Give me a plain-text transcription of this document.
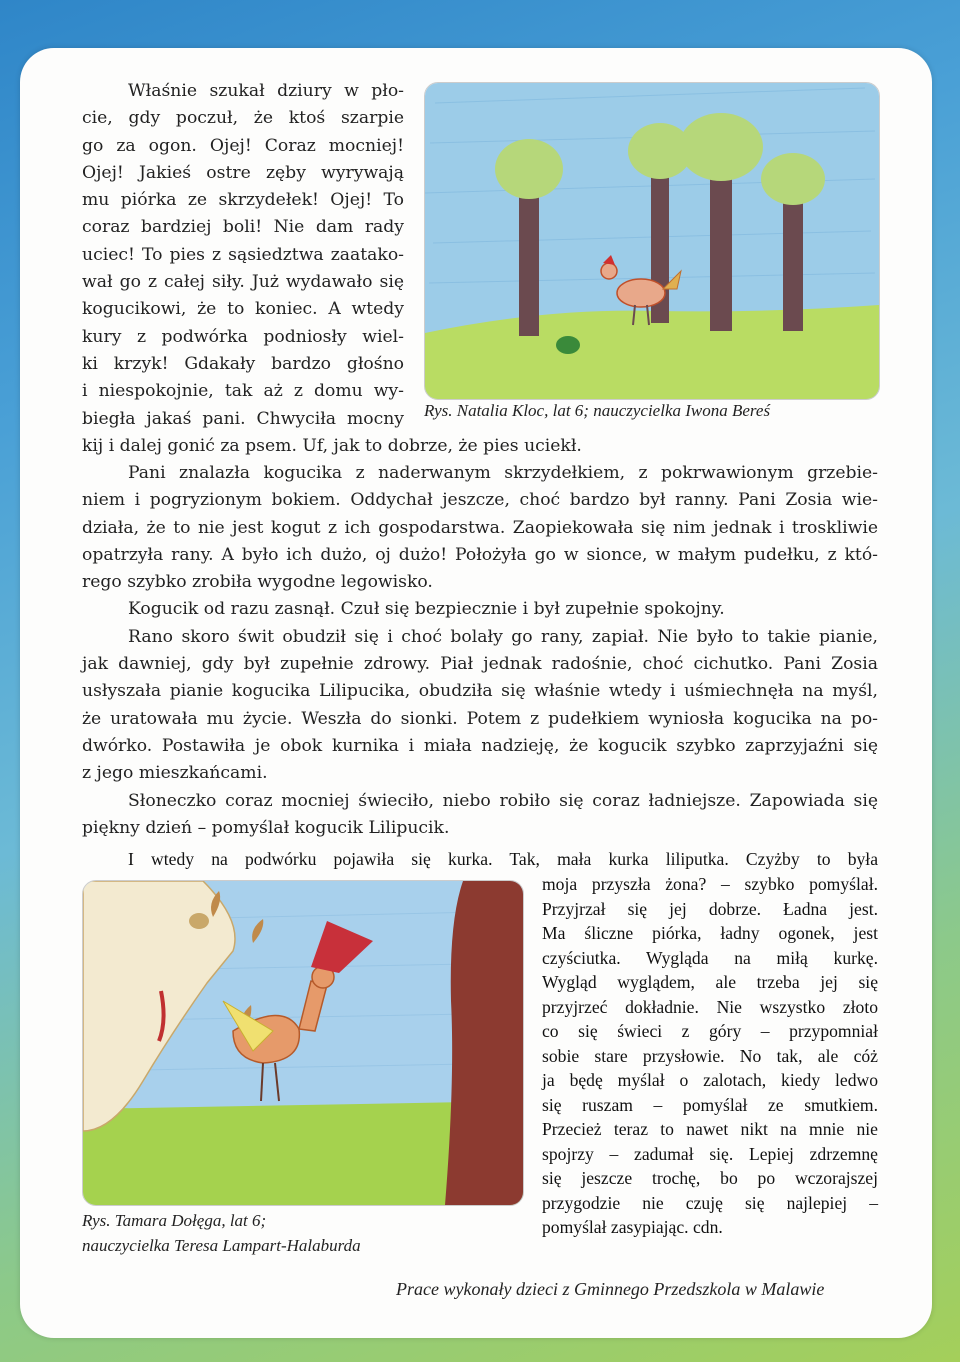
Rys. Natalia Kloc, lat 6; nauczycielka Iwona Bereś
Właśnie szukał dziury w pło-
cie, gdy poczuł, że ktoś szarpie
go za ogon. Ojej! Coraz mocniej!
Ojej! Jakieś ostre zęby wyrywają
mu piórka ze skrzydełek! Ojej! To
coraz bardziej boli! Nie dam rady
uciec! To pies z sąsiedztwa zaatako-
wał go z całej siły. Już wydawało się
kogucikowi, że to koniec. A wtedy
kury z podwórka podniosły wiel-
ki krzyk! Gdakały bardzo głośno
i niespokojnie, tak aż z domu wy-
biegła jakaś pani. Chwyciła mocny
kij i dalej gonić za psem. Uf, jak to dobrze, że pies uciekł.
Pani znalazła kogucika z naderwanym skrzydełkiem, z pokrwawionym grzebie-
niem i pogryzionym bokiem. Oddychał jeszcze, choć bardzo był ranny. Pani Zosia wie-
działa, że to nie jest kogut z ich gospodarstwa. Zaopiekowała się nim jednak i troskliwie
opatrzyła rany. A było ich dużo, oj dużo! Położyła go w sionce, w małym pudełku, z któ-
rego szybko zrobiła wygodne legowisko.
Kogucik od razu zasnął. Czuł się bezpiecznie i był zupełnie spokojny.
Rano skoro świt obudził się i choć bolały go rany, zapiał. Nie było to takie pianie,
jak dawniej, gdy był zupełnie zdrowy. Piał jednak radośnie, choć cichutko. Pani Zosia
usłyszała pianie kogucika Lilipucika, obudziła się właśnie wtedy i uśmiechnęła na myśl,
że uratowała mu życie. Weszła do sionki. Potem z pudełkiem wyniosła kogucika na po-
dwórko. Postawiła je obok kurnika i miała nadzieję, że kogucik szybko zaprzyjaźni się
z jego mieszkańcami.
Słoneczko coraz mocniej świeciło, niebo robiło się coraz ładniejsze. Zapowiada się
piękny dzień – pomyślał kogucik Lilipucik.
I wtedy na podwórku pojawiła się kurka. Tak, mała kurka liliputka. Czyżby to była
moja przyszła żona? – szybko pomyślał.
Przyjrzał się jej dobrze. Ładna jest.
Ma śliczne piórka, ładny ogonek, jest
czyściutka. Wygląda na miłą kurkę.
Wygląd wyglądem, ale trzeba jej się
przyjrzeć dokładnie. Nie wszystko złoto
co się świeci z góry – przypomniał
sobie stare przysłowie. No tak, ale cóż
ja będę myślał o zalotach, kiedy ledwo
się ruszam – pomyślał ze smutkiem.
Przecież teraz to nawet nikt na mnie nie
spojrzy – zadumał się. Lepiej zdrzemnę
się jeszcze trochę, bo po wczorajszej
przygodzie nie czuję się najlepiej –
pomyślał zasypiając. cdn.
Rys. Tamara Dołęga, lat 6;
nauczycielka Teresa Lampart-Halaburda
Prace wykonały dzieci z Gminnego Przedszkola w Malawie
